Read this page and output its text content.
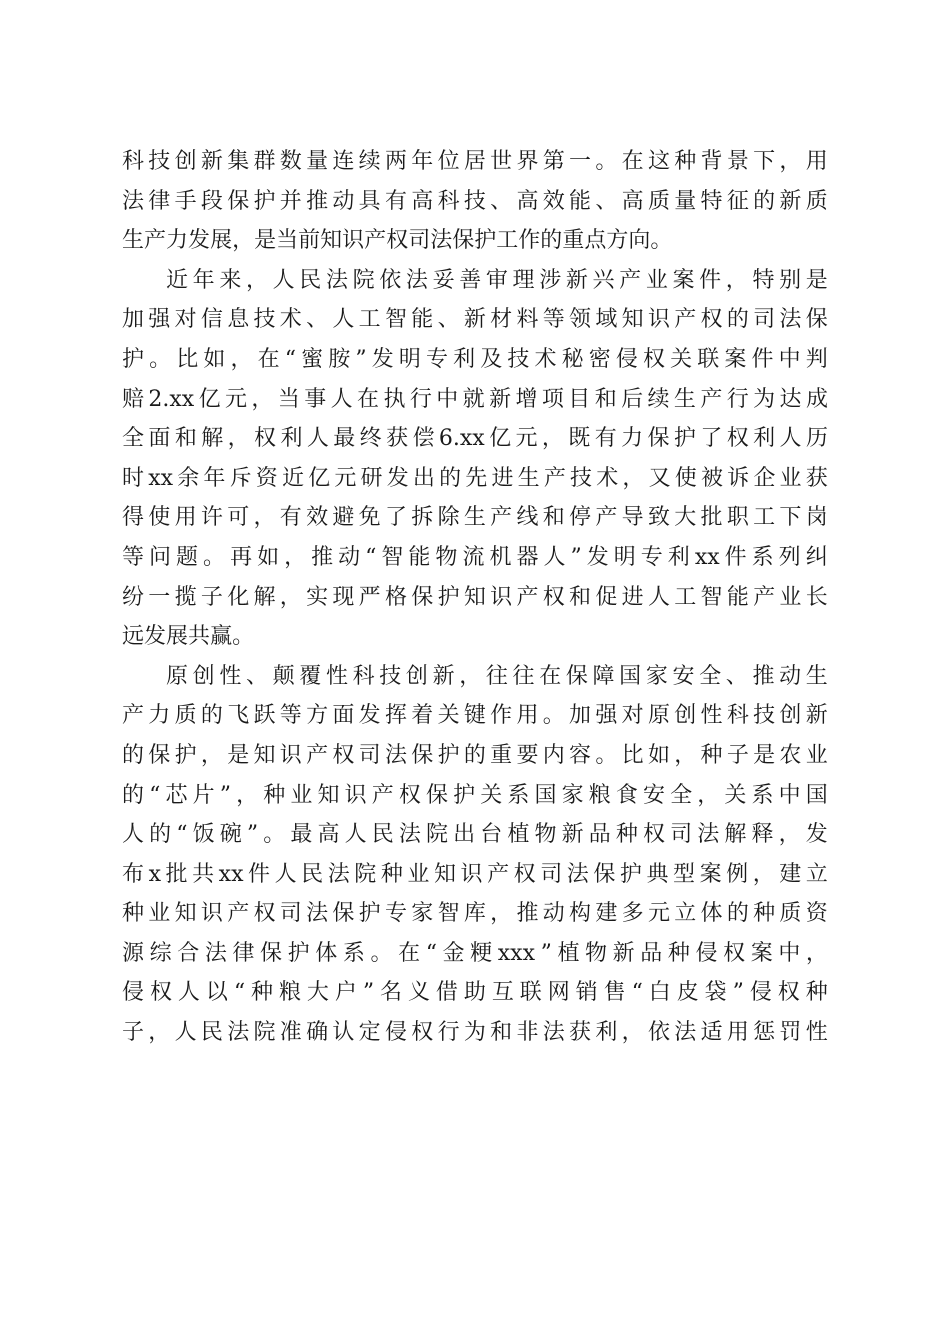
科 技 创 新 集 群 数 量 连 续 两 年 位 居 世 界 第 一 。 在 这 种 背 景 下 ， 用
法 律 手 段 保 护 并 推 动 具 有 高 科 技 、 高 效 能 、 高 质 量 特 征 的 新 质
生 产 力 发 展 ， 是 当 前 知 识 产 权 司 法 保 护 工 作 的 重 点 方 向 。
近 年 来 ， 人 民 法 院 依 法 妥 善 审 理 涉 新 兴 产 业 案 件 ， 特 别 是
加 强 对 信 息 技 术 、 人 工 智 能 、 新 材 料 等 领 域 知 识 产 权 的 司 法 保
护 。 比 如 ， 在 “ 蜜 胺 ” 发 明 专 利 及 技 术 秘 密 侵 权 关 联 案 件 中 判
赔 2.xx 亿 元 ， 当 事 人 在 执 行 中 就 新 增 项 目 和 后 续 生 产 行 为 达 成
全 面 和 解 ， 权 利 人 最 终 获 偿 6.xx 亿 元 ， 既 有 力 保 护 了 权 利 人 历
时 xx 余 年 斥 资 近 亿 元 研 发 出 的 先 进 生 产 技 术 ， 又 使 被 诉 企 业 获
得 使 用 许 可 ， 有 效 避 免 了 拆 除 生 产 线 和 停 产 导 致 大 批 职 工 下 岗
等 问 题 。 再 如 ， 推 动 “ 智 能 物 流 机 器 人 ” 发 明 专 利 xx 件 系 列 纠
纷 一 揽 子 化 解 ， 实 现 严 格 保 护 知 识 产 权 和 促 进 人 工 智 能 产 业 长
远 发 展 共 赢 。
原 创 性 、 颠 覆 性 科 技 创 新 ， 往 往 在 保 障 国 家 安 全 、 推 动 生
产 力 质 的 飞 跃 等 方 面 发 挥 着 关 键 作 用 。 加 强 对 原 创 性 科 技 创 新
的 保 护 ， 是 知 识 产 权 司 法 保 护 的 重 要 内 容 。 比 如 ， 种 子 是 农 业
的 “ 芯 片 ” ， 种 业 知 识 产 权 保 护 关 系 国 家 粮 食 安 全 ， 关 系 中 国
人 的 “ 饭 碗 ” 。 最 高 人 民 法 院 出 台 植 物 新 品 种 权 司 法 解 释 ， 发
布 x 批 共 xx 件 人 民 法 院 种 业 知 识 产 权 司 法 保 护 典 型 案 例 ， 建 立
种 业 知 识 产 权 司 法 保 护 专 家 智 库 ， 推 动 构 建 多 元 立 体 的 种 质 资
源 综 合 法 律 保 护 体 系 。 在 “ 金 粳 xxx ” 植 物 新 品 种 侵 权 案 中 ，
侵 权 人 以 “ 种 粮 大 户 ” 名 义 借 助 互 联 网 销 售 “ 白 皮 袋 ” 侵 权 种
子 ， 人 民 法 院 准 确 认 定 侵 权 行 为 和 非 法 获 利 ， 依 法 适 用 惩 罚 性
